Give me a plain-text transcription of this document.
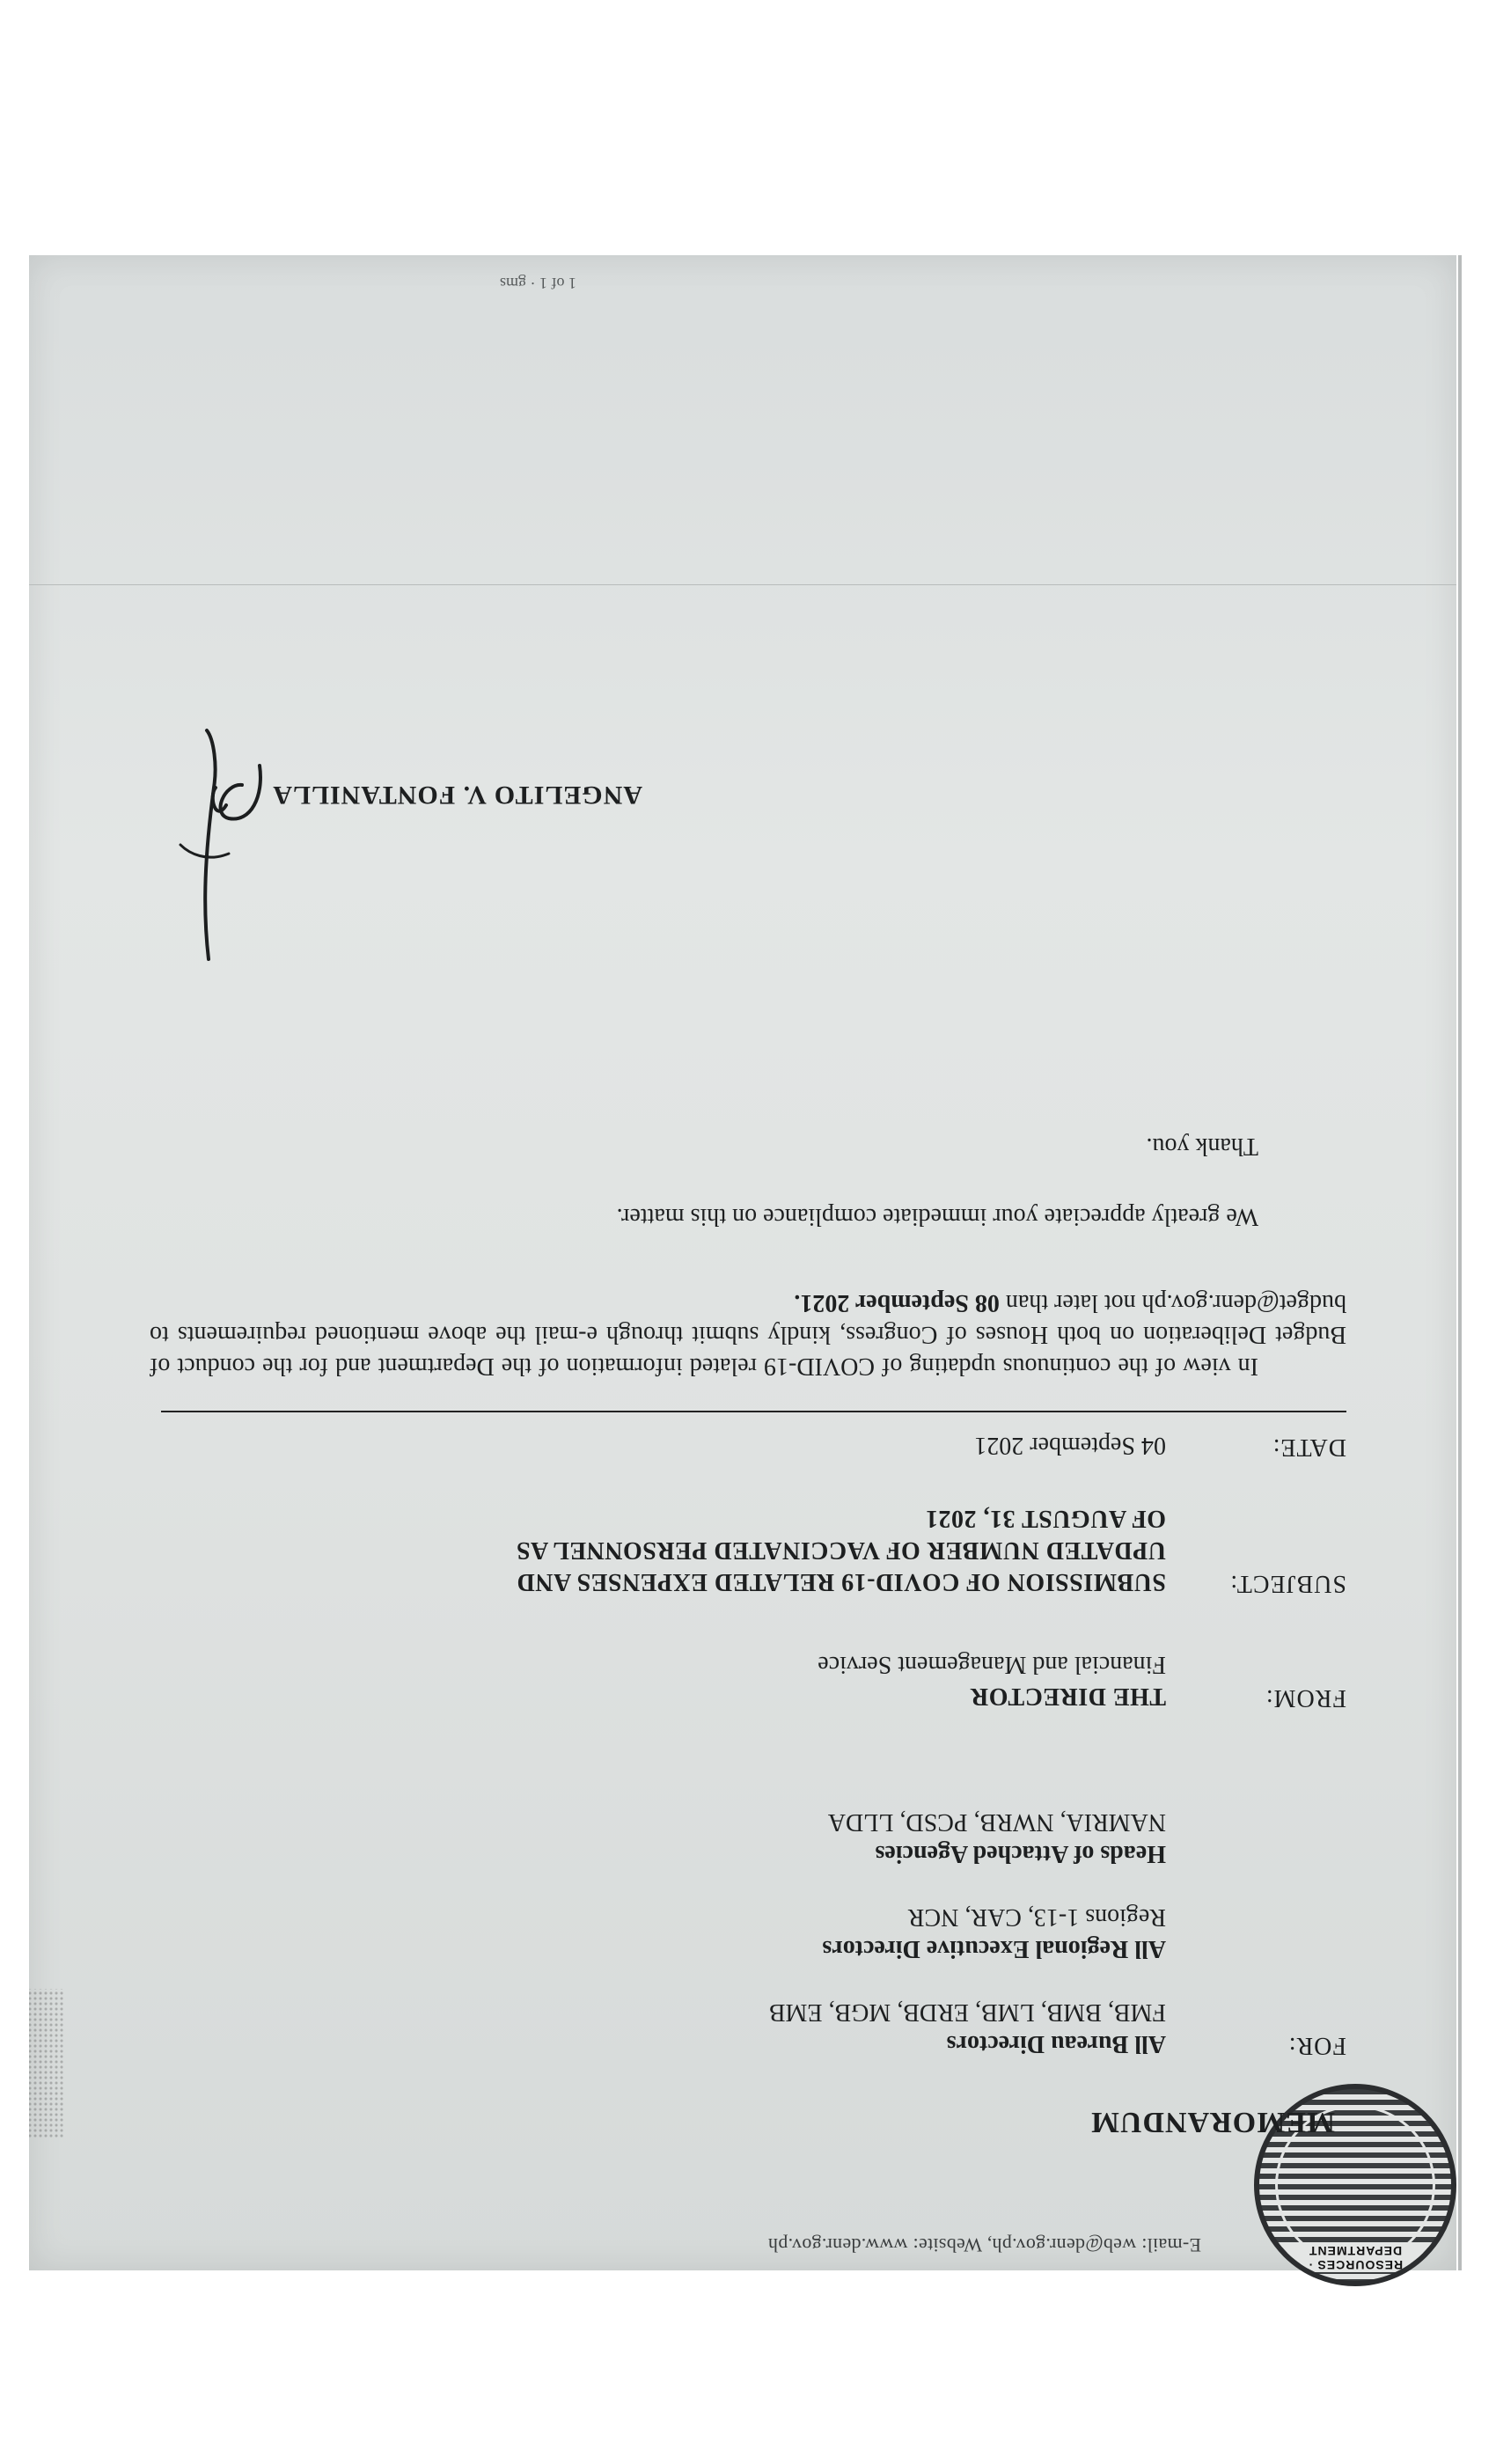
RESOURCES · DEPARTMENT
E-mail: web@denr.gov.ph, Website: www.denr.gov.ph
MEMORANDUM
FOR:
All Bureau Directors
FMB, BMB, LMB, ERDB, MGB, EMB
All Regional Executive Directors
Regions 1-13, CAR, NCR
Heads of Attached Agencies
NAMRIA, NWRB, PCSD, LLDA
FROM:
THE DIRECTOR
Financial and Management Service
SUBJECT:
SUBMISSION OF COVID-19 RELATED EXPENSES AND
UPDATED NUMBER OF VACCINATED PERSONNEL AS
OF AUGUST 31, 2021
DATE:
04 September 2021
In view of the continuous updating of COVID-19 related information of the Department and for the conduct of Budget Deliberation on both Houses of Congress, kindly submit through e-mail the above mentioned requirements to budget@denr.gov.ph not later than 08 September 2021.
We greatly appreciate your immediate compliance on this matter.
Thank you.
ANGELITO V. FONTANILLA
1 of 1 · gms
